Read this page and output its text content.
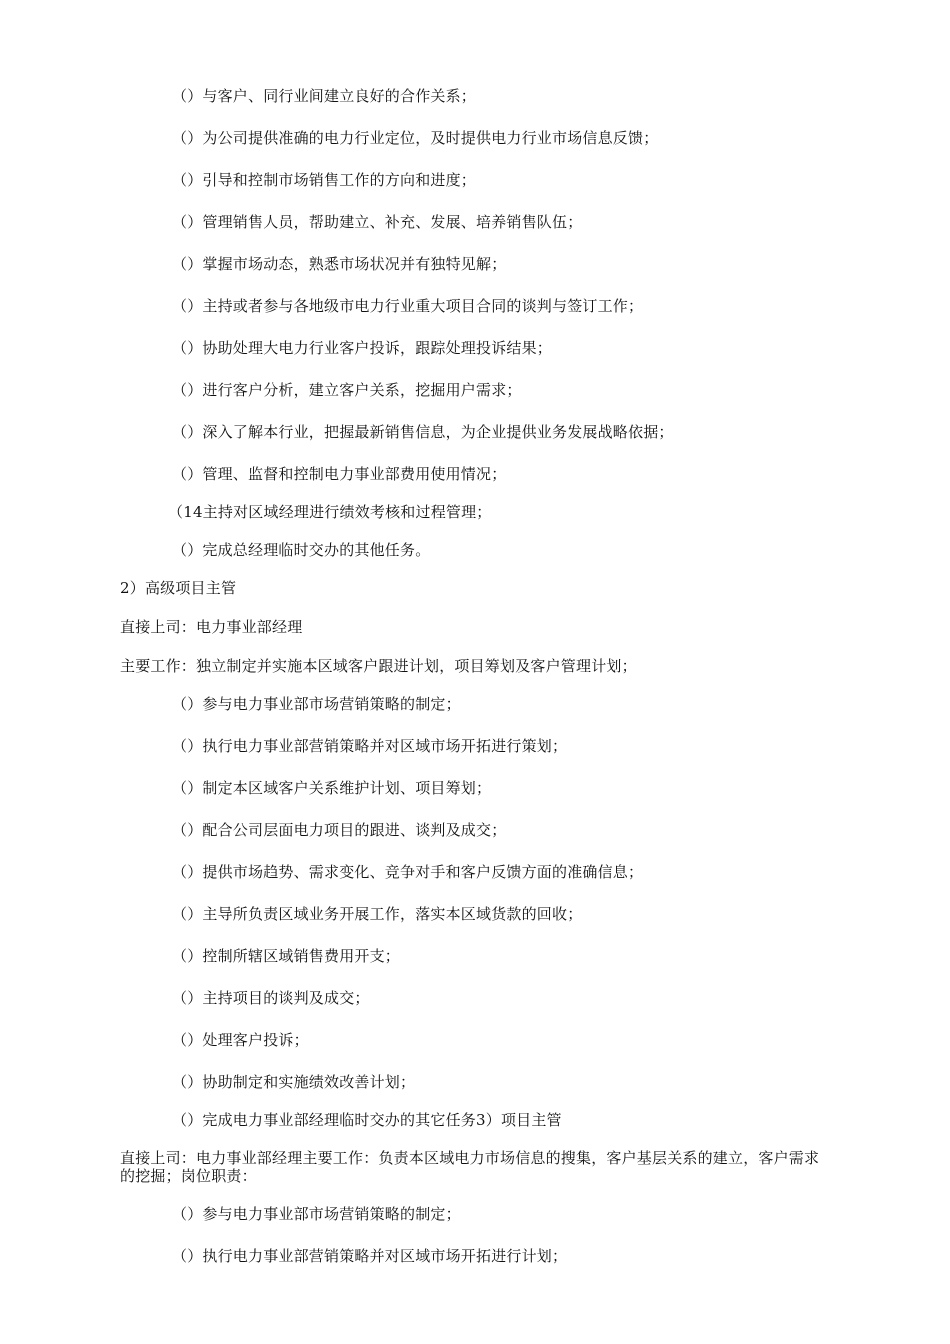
（）与客户、同行业间建立良好的合作关系；
（）为公司提供准确的电力行业定位，及时提供电力行业市场信息反馈；
（）引导和控制市场销售工作的方向和进度；
（）管理销售人员，帮助建立、补充、发展、培养销售队伍；
（）掌握市场动态，熟悉市场状况并有独特见解；
（）主持或者参与各地级市电力行业重大项目合同的谈判与签订工作；
（）协助处理大电力行业客户投诉，跟踪处理投诉结果；
（）进行客户分析，建立客户关系，挖掘用户需求；
（）深入了解本行业，把握最新销售信息，为企业提供业务发展战略依据；
（）管理、监督和控制电力事业部费用使用情况；
（14主持对区域经理进行绩效考核和过程管理；
（）完成总经理临时交办的其他任务。
2）高级项目主管
直接上司：电力事业部经理
主要工作：独立制定并实施本区域客户跟进计划，项目筹划及客户管理计划；
（）参与电力事业部市场营销策略的制定；
（）执行电力事业部营销策略并对区域市场开拓进行策划；
（）制定本区域客户关系维护计划、项目筹划；
（）配合公司层面电力项目的跟进、谈判及成交；
（）提供市场趋势、需求变化、竞争对手和客户反馈方面的准确信息；
（）主导所负责区域业务开展工作，落实本区域货款的回收；
（）控制所辖区域销售费用开支；
（）主持项目的谈判及成交；
（）处理客户投诉；
（）协助制定和实施绩效改善计划；
（）完成电力事业部经理临时交办的其它任务3）项目主管
直接上司：电力事业部经理主要工作：负责本区域电力市场信息的搜集，客户基层关系的建立，客户需求的挖掘；岗位职责：
（）参与电力事业部市场营销策略的制定；
（）执行电力事业部营销策略并对区域市场开拓进行计划；
